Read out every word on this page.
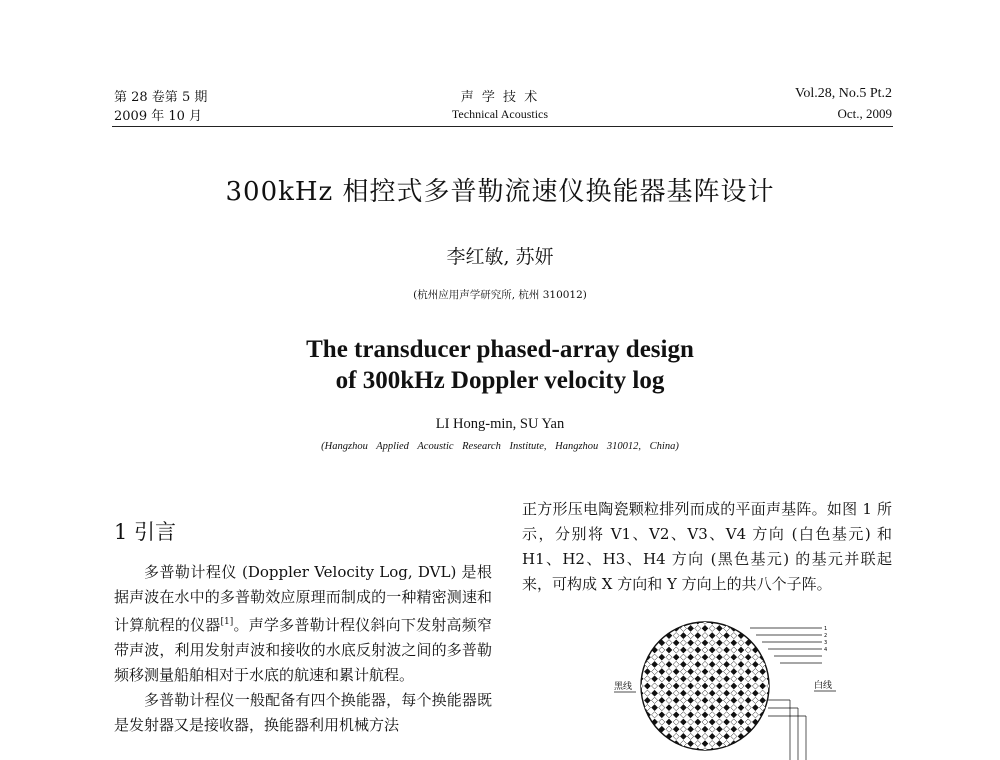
第 28 卷第 5 期
2009 年 10 月
声 学 技 术
Technical Acoustics
Vol.28, No.5 Pt.2
Oct., 2009
300kHz 相控式多普勒流速仪换能器基阵设计
李红敏, 苏妍
(杭州应用声学研究所, 杭州 310012)
The transducer phased-array design
of 300kHz Doppler velocity log
LI Hong-min, SU Yan
(Hangzhou Applied Acoustic Research Institute, Hangzhou 310012, China)
1 引言

多普勒计程仪 (Doppler Velocity Log, DVL) 是根据声波在水中的多普勒效应原理而制成的一种精密测速和计算航程的仪器[1]。声学多普勒计程仪斜向下发射高频窄带声波，利用发射声波和接收的水底反射波之间的多普勒频移测量船舶相对于水底的航速和累计航程。

多普勒计程仪一般配备有四个换能器，每个换能器既是发射器又是接收器，换能器利用机械方法

正方形压电陶瓷颗粒排列而成的平面声基阵。如图 1 所示，分别将 V1、V2、V3、V4 方向 (白色基元) 和 H1、H2、H3、H4 方向 (黑色基元) 的基元并联起来，可构成 X 方向和 Y 方向上的共八个子阵。

黑线	白线
1
2
3
4
